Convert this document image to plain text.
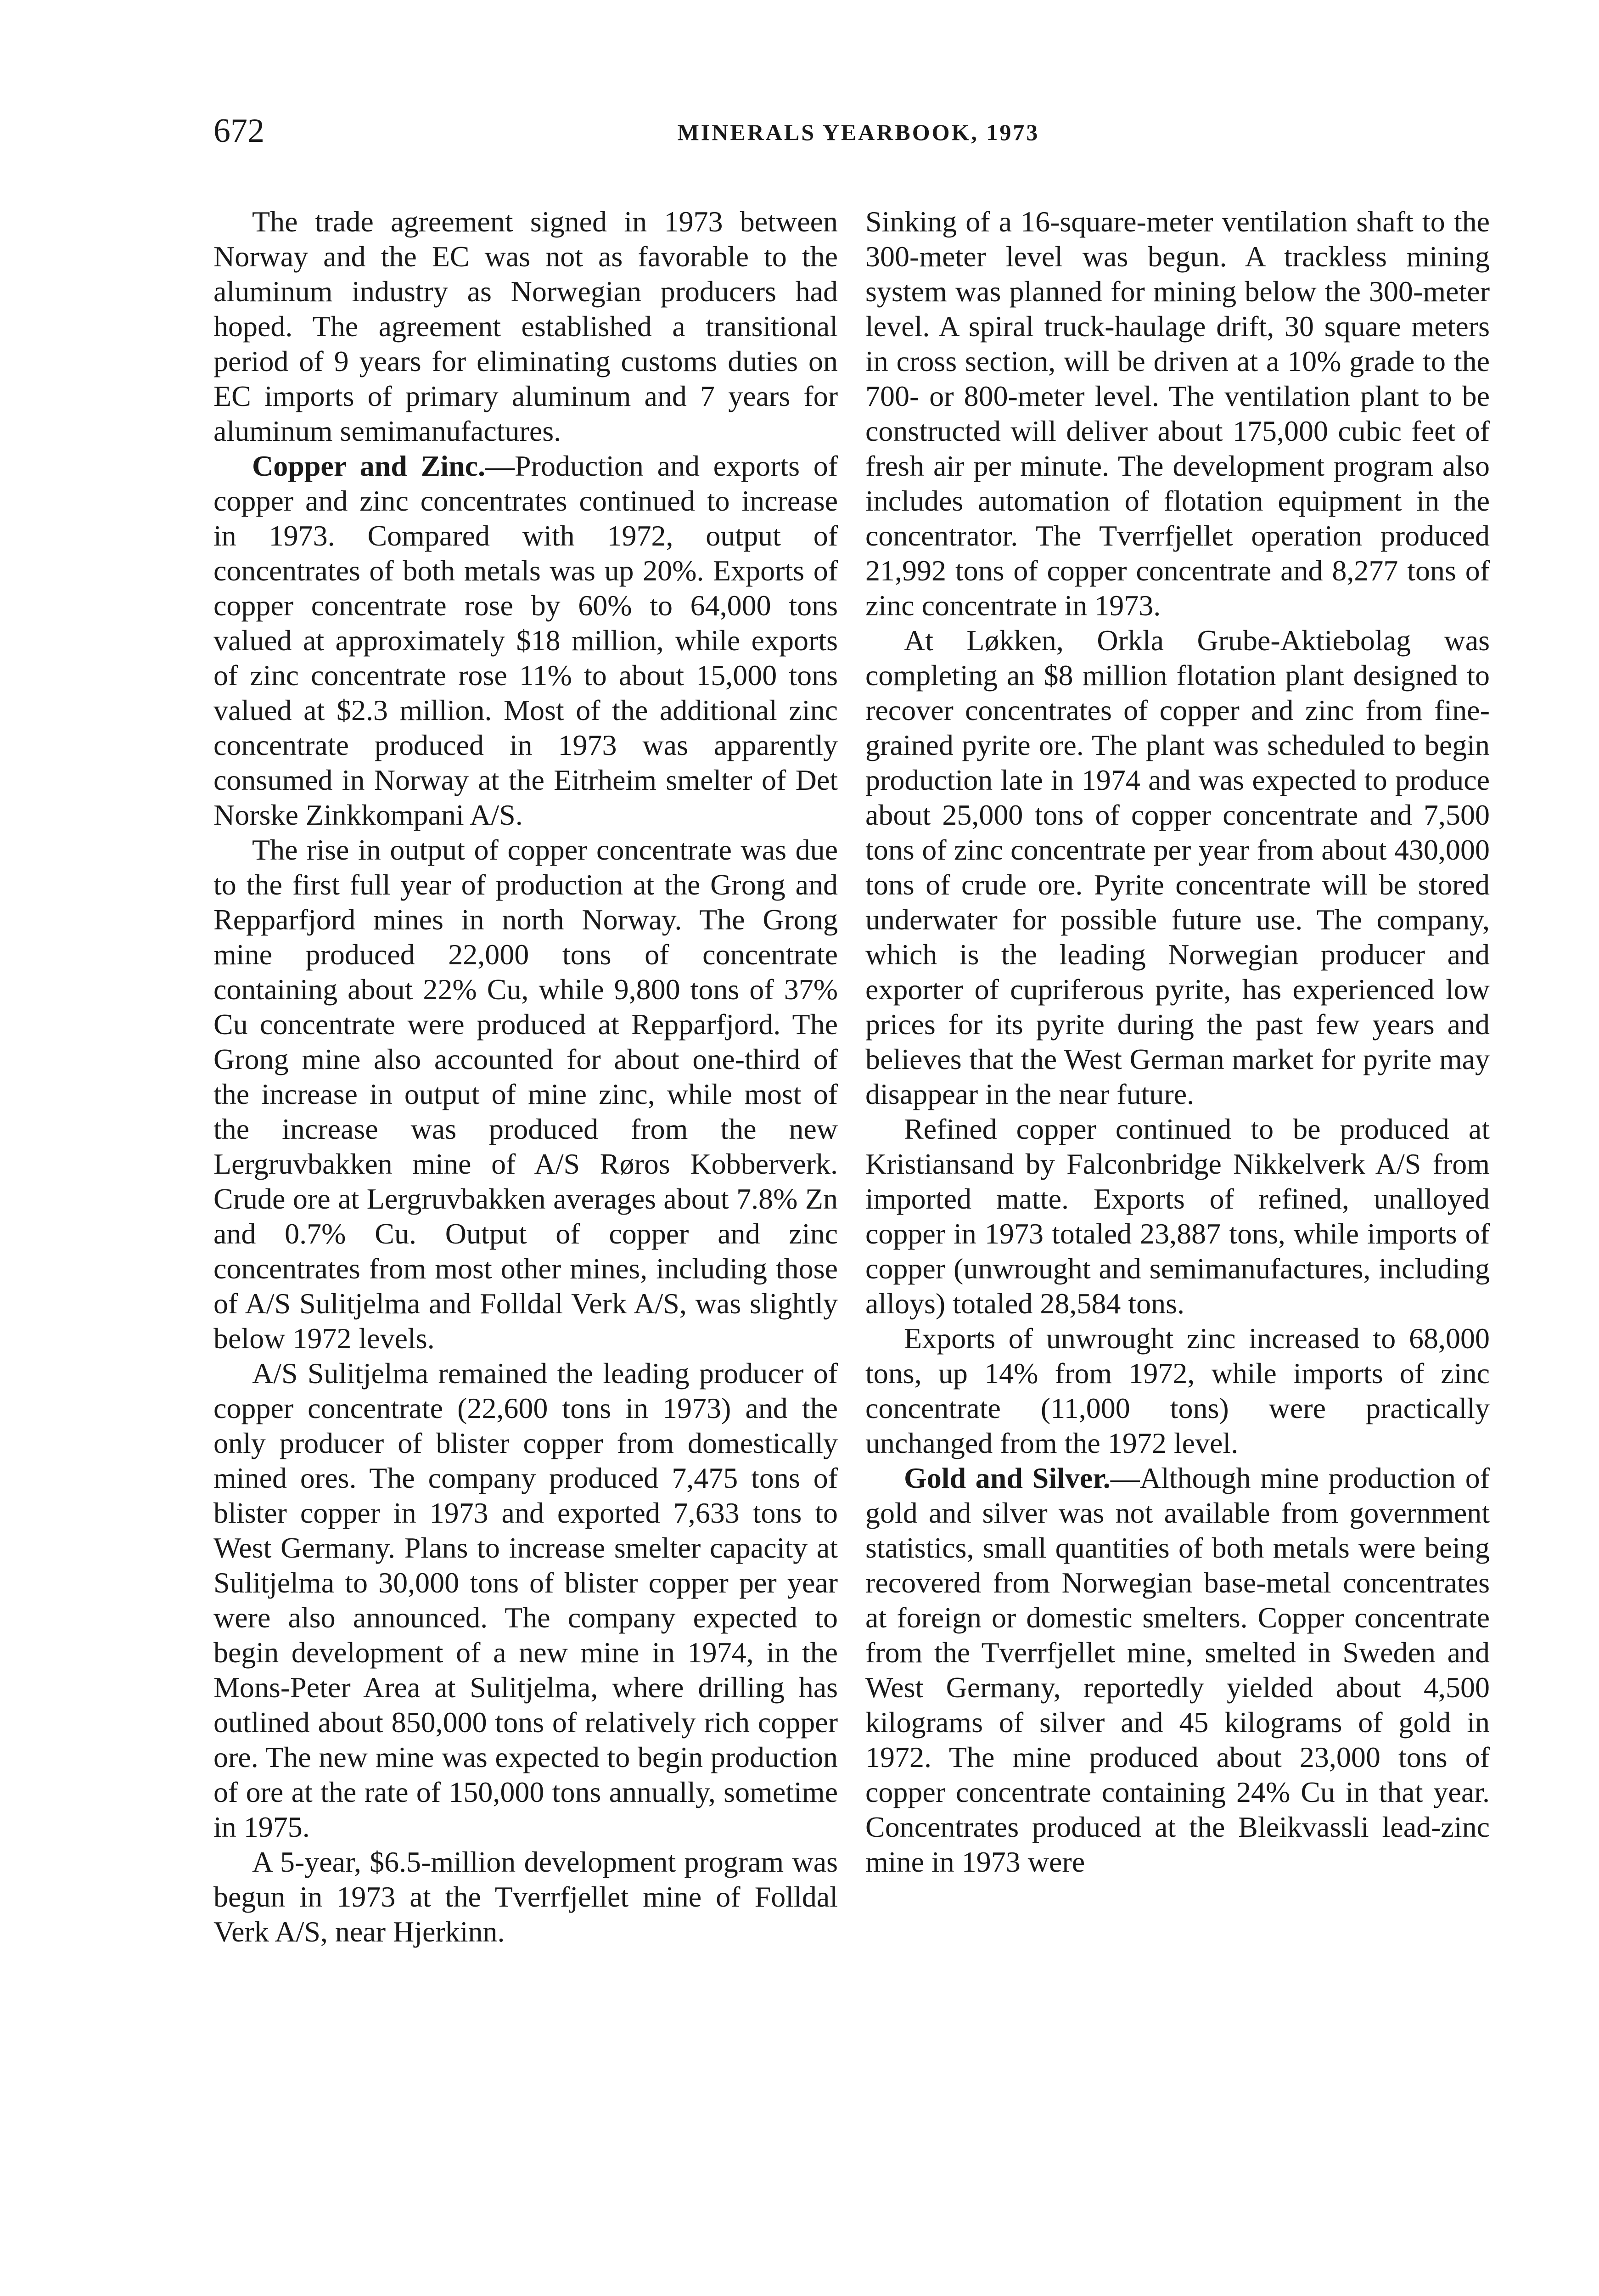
672	MINERALS YEARBOOK, 1973

The trade agreement signed in 1973 between Norway and the EC was not as favorable to the aluminum industry as Norwegian producers had hoped. The agreement established a transitional period of 9 years for eliminating customs duties on EC imports of primary aluminum and 7 years for aluminum semimanufactures.

Copper and Zinc.—Production and exports of copper and zinc concentrates continued to increase in 1973. Compared with 1972, output of concentrates of both metals was up 20%. Exports of copper concentrate rose by 60% to 64,000 tons valued at approximately $18 million, while exports of zinc concentrate rose 11% to about 15,000 tons valued at $2.3 million. Most of the additional zinc concentrate produced in 1973 was apparently consumed in Norway at the Eitrheim smelter of Det Norske Zinkkompani A/S.

The rise in output of copper concentrate was due to the first full year of production at the Grong and Repparfjord mines in north Norway. The Grong mine produced 22,000 tons of concentrate containing about 22% Cu, while 9,800 tons of 37% Cu concentrate were produced at Repparfjord. The Grong mine also accounted for about one-third of the increase in output of mine zinc, while most of the increase was produced from the new Lergruvbakken mine of A/S Røros Kobberverk. Crude ore at Lergruvbakken averages about 7.8% Zn and 0.7% Cu. Output of copper and zinc concentrates from most other mines, including those of A/S Sulitjelma and Folldal Verk A/S, was slightly below 1972 levels.

A/S Sulitjelma remained the leading producer of copper concentrate (22,600 tons in 1973) and the only producer of blister copper from domestically mined ores. The company produced 7,475 tons of blister copper in 1973 and exported 7,633 tons to West Germany. Plans to increase smelter capacity at Sulitjelma to 30,000 tons of blister copper per year were also announced. The company expected to begin development of a new mine in 1974, in the Mons-Peter Area at Sulitjelma, where drilling has outlined about 850,000 tons of relatively rich copper ore. The new mine was expected to begin production of ore at the rate of 150,000 tons annually, sometime in 1975.

A 5-year, $6.5-million development program was begun in 1973 at the Tverrfjellet mine of Folldal Verk A/S, near Hjerkinn.

Sinking of a 16-square-meter ventilation shaft to the 300-meter level was begun. A trackless mining system was planned for mining below the 300-meter level. A spiral truck-haulage drift, 30 square meters in cross section, will be driven at a 10% grade to the 700- or 800-meter level. The ventilation plant to be constructed will deliver about 175,000 cubic feet of fresh air per minute. The development program also includes automation of flotation equipment in the concentrator. The Tverrfjellet operation produced 21,992 tons of copper concentrate and 8,277 tons of zinc concentrate in 1973.

At Løkken, Orkla Grube-Aktiebolag was completing an $8 million flotation plant designed to recover concentrates of copper and zinc from fine-grained pyrite ore. The plant was scheduled to begin production late in 1974 and was expected to produce about 25,000 tons of copper concentrate and 7,500 tons of zinc concentrate per year from about 430,000 tons of crude ore. Pyrite concentrate will be stored underwater for possible future use. The company, which is the leading Norwegian producer and exporter of cupriferous pyrite, has experienced low prices for its pyrite during the past few years and believes that the West German market for pyrite may disappear in the near future.

Refined copper continued to be produced at Kristiansand by Falconbridge Nikkelverk A/S from imported matte. Exports of refined, unalloyed copper in 1973 totaled 23,887 tons, while imports of copper (unwrought and semimanufactures, including alloys) totaled 28,584 tons.

Exports of unwrought zinc increased to 68,000 tons, up 14% from 1972, while imports of zinc concentrate (11,000 tons) were practically unchanged from the 1972 level.

Gold and Silver.—Although mine production of gold and silver was not available from government statistics, small quantities of both metals were being recovered from Norwegian base-metal concentrates at foreign or domestic smelters. Copper concentrate from the Tverrfjellet mine, smelted in Sweden and West Germany, reportedly yielded about 4,500 kilograms of silver and 45 kilograms of gold in 1972. The mine produced about 23,000 tons of copper concentrate containing 24% Cu in that year. Concentrates produced at the Bleikvassli lead-zinc mine in 1973 were
